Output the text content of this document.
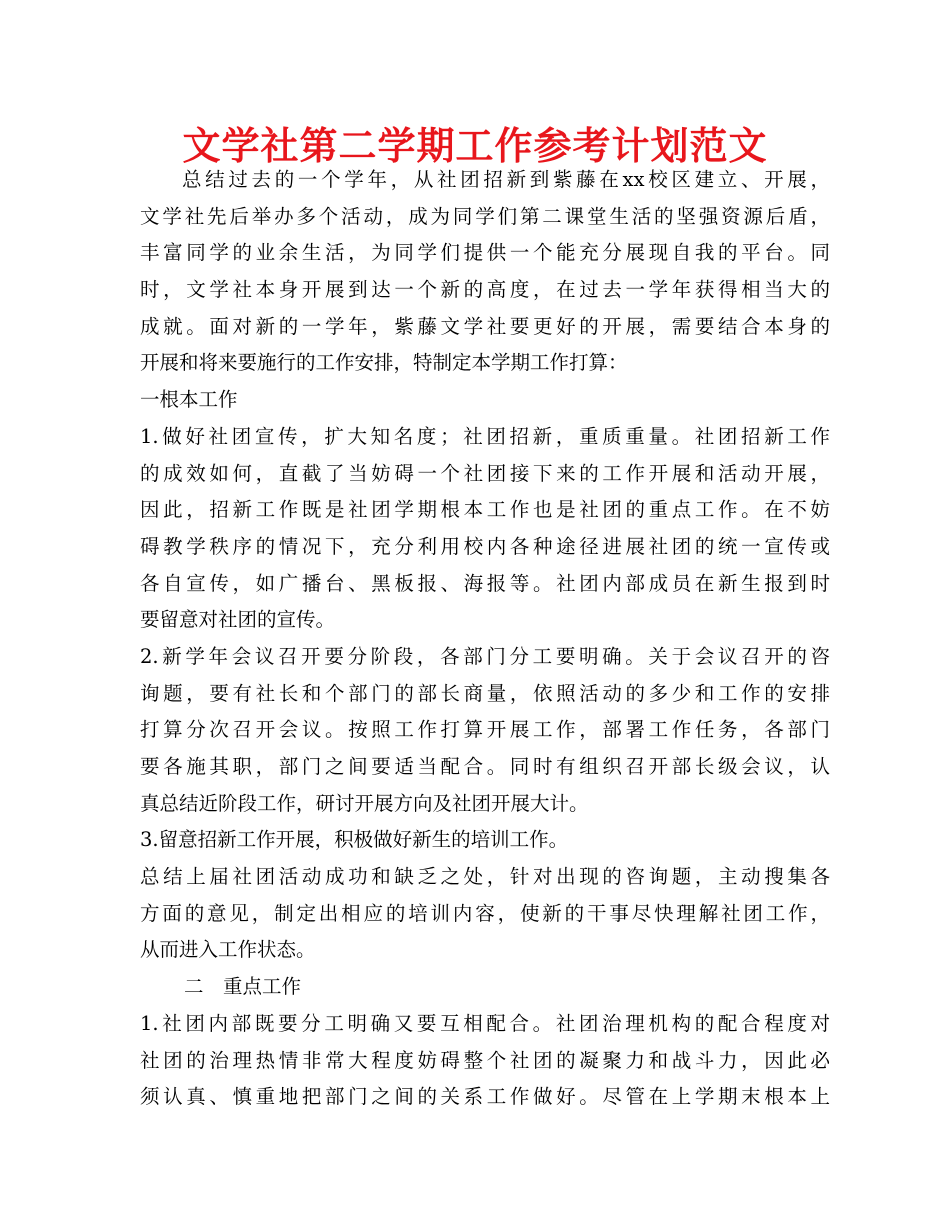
文学社第二学期工作参考计划范文
总结过去的一个学年，从社团招新到紫藤在xx校区建立、开展，
文学社先后举办多个活动，成为同学们第二课堂生活的坚强资源后盾，
丰富同学的业余生活，为同学们提供一个能充分展现自我的平台。同
时，文学社本身开展到达一个新的高度，在过去一学年获得相当大的
成就。面对新的一学年，紫藤文学社要更好的开展，需要结合本身的
开展和将来要施行的工作安排，特制定本学期工作打算：
一根本工作
1.做好社团宣传，扩大知名度；社团招新，重质重量。社团招新工作
的成效如何，直截了当妨碍一个社团接下来的工作开展和活动开展，
因此，招新工作既是社团学期根本工作也是社团的重点工作。在不妨
碍教学秩序的情况下，充分利用校内各种途径进展社团的统一宣传或
各自宣传，如广播台、黑板报、海报等。社团内部成员在新生报到时
要留意对社团的宣传。
2.新学年会议召开要分阶段，各部门分工要明确。关于会议召开的咨
询题，要有社长和个部门的部长商量，依照活动的多少和工作的安排
打算分次召开会议。按照工作打算开展工作，部署工作任务，各部门
要各施其职，部门之间要适当配合。同时有组织召开部长级会议，认
真总结近阶段工作，研讨开展方向及社团开展大计。
3.留意招新工作开展，积极做好新生的培训工作。
总结上届社团活动成功和缺乏之处，针对出现的咨询题，主动搜集各
方面的意见，制定出相应的培训内容，使新的干事尽快理解社团工作，
从而进入工作状态。
二　重点工作
1.社团内部既要分工明确又要互相配合。社团治理机构的配合程度对
社团的治理热情非常大程度妨碍整个社团的凝聚力和战斗力，因此必
须认真、慎重地把部门之间的关系工作做好。尽管在上学期末根本上
